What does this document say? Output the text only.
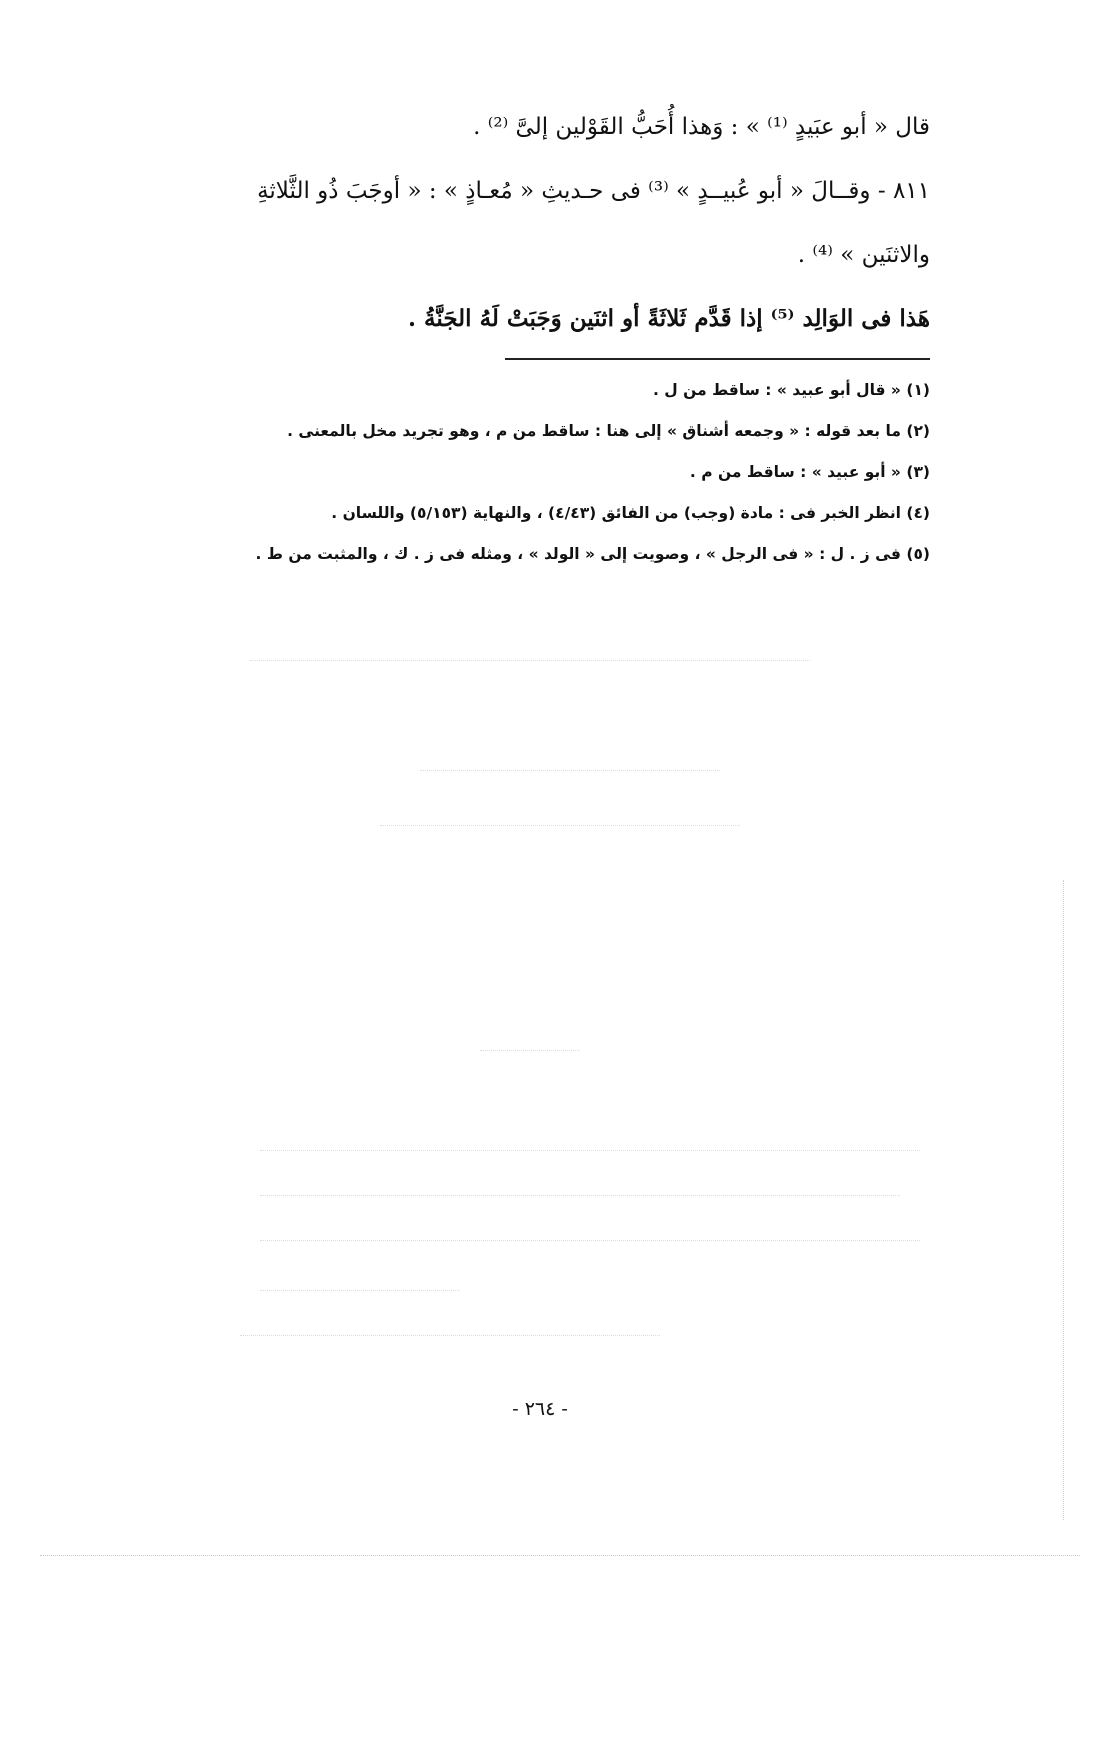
قال « أبو عبَيدٍ ⁽¹⁾ » : وَهذا أُحَبُّ القَوْلين إلىَّ ⁽²⁾ .

٨١١ - وقــالَ « أبو عُبيــدٍ » ⁽³⁾ فى حـديثِ « مُعـاذٍ » : « أوجَبَ ذُو الثَّلاثةِ

والاثنَين » ⁽⁴⁾ .

هَذا فى الوَالِد ⁽⁵⁾ إذا قَدَّم ثَلاثَةً أو اثنَين وَجَبَتْ لَهُ الجَنَّةُ .

(١) « قال أبو عبيد » : ساقط من ل .
(٢) ما بعد قوله : « وجمعه أشناق » إلى هنا : ساقط من م ، وهو تجريد مخل بالمعنى .
(٣) « أبو عبيد » : ساقط من م .
(٤) انظر الخبر فى : مادة (وجب) من الفائق (٤/٤٣) ، والنهاية (٥/١٥٣) واللسان .
(٥) فى ز . ل : « فى الرجل » ، وصويت إلى « الولد » ، ومثله فى ز . ك ، والمثبت من ط .
- ٢٦٤ -
